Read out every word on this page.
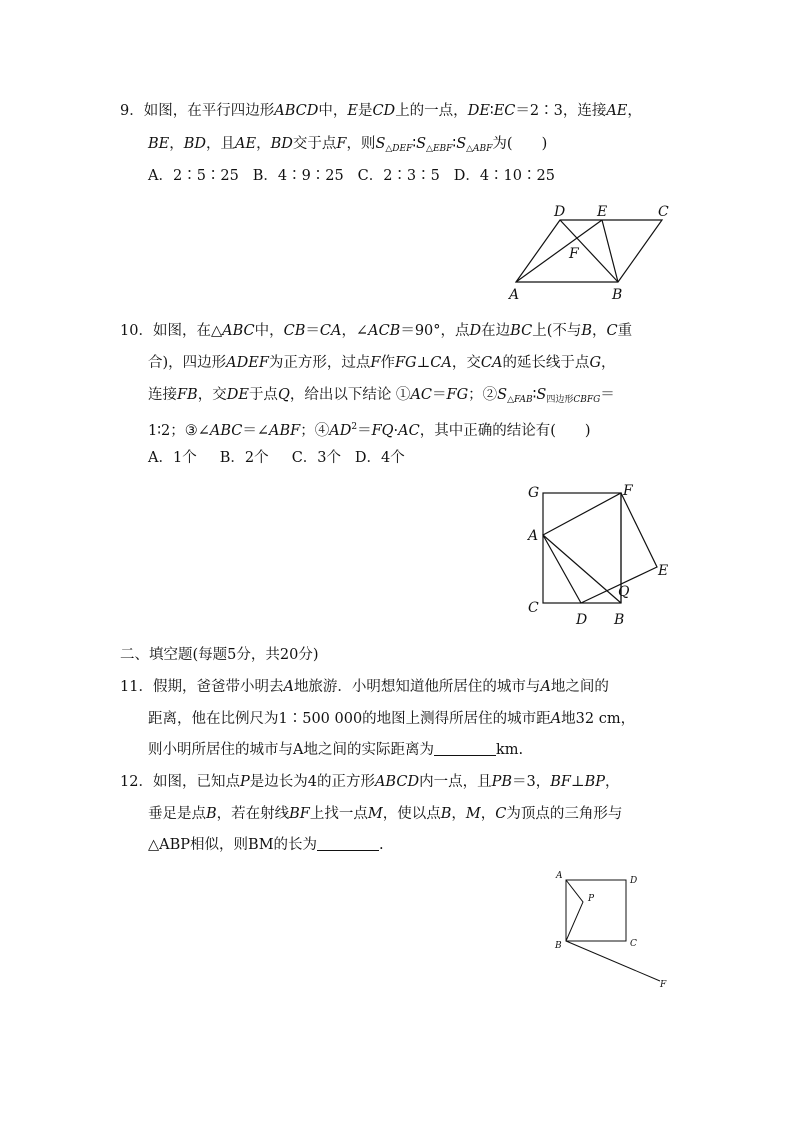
9．如图，在平行四边形ABCD中，E是CD上的一点，DE∶EC＝2∶3，连接AE，
BE，BD，且AE，BD交于点F，则$S_{\triangle DEF}∶S_{\triangle EBF}∶S_{\triangle ABF}$为(　　)
A．2∶5∶25 B．4∶9∶25 C．2∶3∶5 D．4∶10∶25
D E	C
F
A	B
10．如图，在△ABC中，CB＝CA，∠ACB＝90°，点D在边BC上(不与B，C重
合)，四边形ADEF为正方形，过点F作FG⊥CA，交CA的延长线于点G，
连接FB，交DE于点Q，给出以下结论 ①AC＝FG；$②S_{\triangle FAB}∶S_{四边形CBFG}=$
1∶2；③∠ABC＝∠ABF；$④AD^2=FQ\cdot AC$，其中正确的结论有(　　)
A．1个 B．2个 C．3个 D．4个
G	F
A
E
Q
C
D B
二、填空题(每题5分，共20分)
11．假期，爸爸带小明去A地旅游．小明想知道他所居住的城市与A地之间的
距离，他在比例尺为1∶500 000的地图上测得所居住的城市距A地32 cm，
则小明所居住的城市与A地之间的实际距离为	km.
12．如图，已知点P是边长为4的正方形ABCD内一点，且PB＝3，BF⊥BP，
垂足是点B，若在射线BF上找一点M，使以点B，M，C为顶点的三角形与
△ABP相似，则BM的长为	.
A	D
P
B	C
F
